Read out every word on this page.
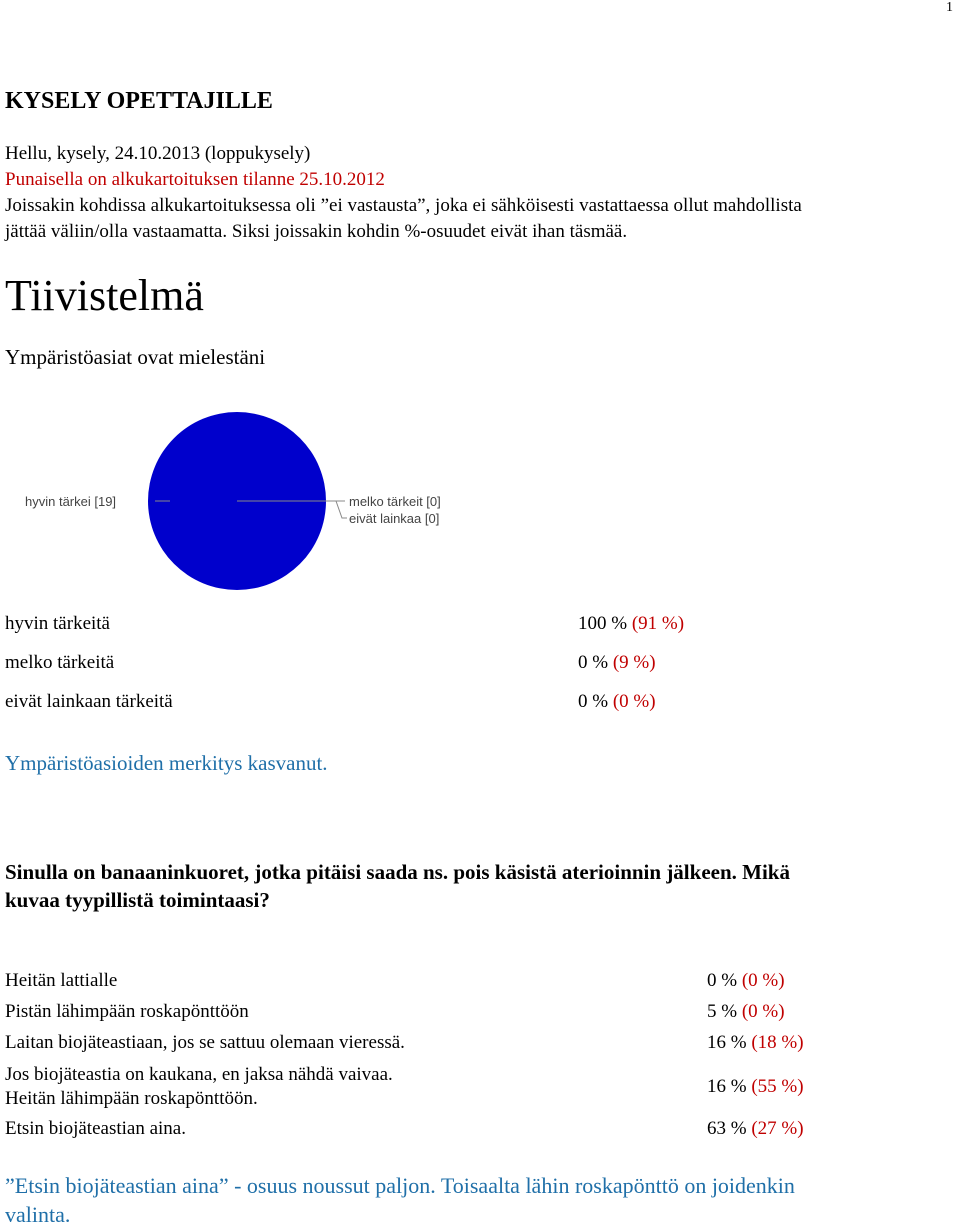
1
KYSELY OPETTAJILLE
Hellu, kysely, 24.10.2013 (loppukysely)
Punaisella on alkukartoituksen tilanne 25.10.2012
Joissakin kohdissa alkukartoituksessa oli ”ei vastausta”, joka ei sähköisesti vastattaessa ollut mahdollista
jättää väliin/olla vastaamatta. Siksi joissakin kohdin %-osuudet eivät ihan täsmää.
Tiivistelmä
Ympäristöasiat ovat mielestäni
hyvin tärkei [19]	melko tärkeit [0]
eivät lainkaa [0]
hyvin tärkeitä	100 % (91 %)
melko tärkeitä	0 % (9 %)
eivät lainkaan tärkeitä	0 % (0 %)
Ympäristöasioiden merkitys kasvanut.
Sinulla on banaaninkuoret, jotka pitäisi saada ns. pois käsistä aterioinnin jälkeen. Mikä
kuvaa tyypillistä toimintaasi?
Heitän lattialle	0 % (0 %)
Pistän lähimpään roskapönttöön	5 % (0 %)
Laitan biojäteastiaan, jos se sattuu olemaan vieressä.	16 % (18 %)
Jos biojäteastia on kaukana, en jaksa nähdä vaivaa.
Heitän lähimpään roskapönttöön.
16 % (55 %)
Etsin biojäteastian aina.	63 % (27 %)
”Etsin biojäteastian aina” - osuus noussut paljon. Toisaalta lähin roskapönttö on joidenkin
valinta.
